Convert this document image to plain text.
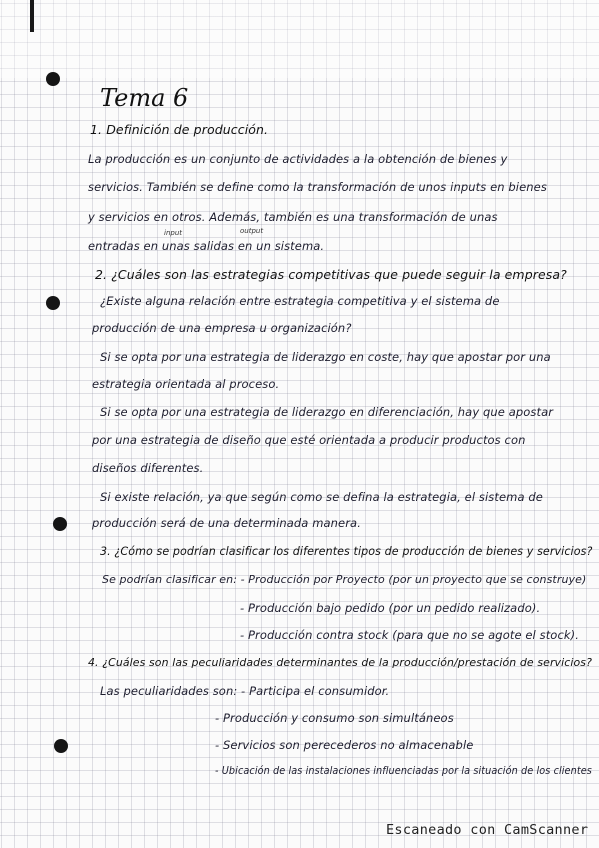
Tema 6
1. Definición de producción.
La producción es un conjunto de actividades a la obtención de bienes y
servicios. También se define como la transformación de unos inputs en bienes
y servicios en otros. Además, también es una transformación de unas
input	output
entradas en unas salidas en un sistema.
2. ¿Cuáles son las estrategias competitivas que puede seguir la empresa?
¿Existe alguna relación entre estrategia competitiva y el sistema de
producción de una empresa u organización?
Si se opta por una estrategia de liderazgo en coste, hay que apostar por una
estrategia orientada al proceso.
Si se opta por una estrategia de liderazgo en diferenciación, hay que apostar
por una estrategia de diseño que esté orientada a producir productos con
diseños diferentes.
Si existe relación, ya que según como se defina la estrategia, el sistema de
producción será de una determinada manera.
3. ¿Cómo se podrían clasificar los diferentes tipos de producción de bienes y servicios?
Se podrían clasificar en: - Producción por Proyecto (por un proyecto que se construye)
- Producción bajo pedido (por un pedido realizado).
- Producción contra stock (para que no se agote el stock).
4. ¿Cuáles son las peculiaridades determinantes de la producción/prestación de servicios?
Las peculiaridades son: - Participa el consumidor.
- Producción y consumo son simultáneos
- Servicios son perecederos no almacenable
- Ubicación de las instalaciones influenciadas por la situación de los clientes
Escaneado con CamScanner
